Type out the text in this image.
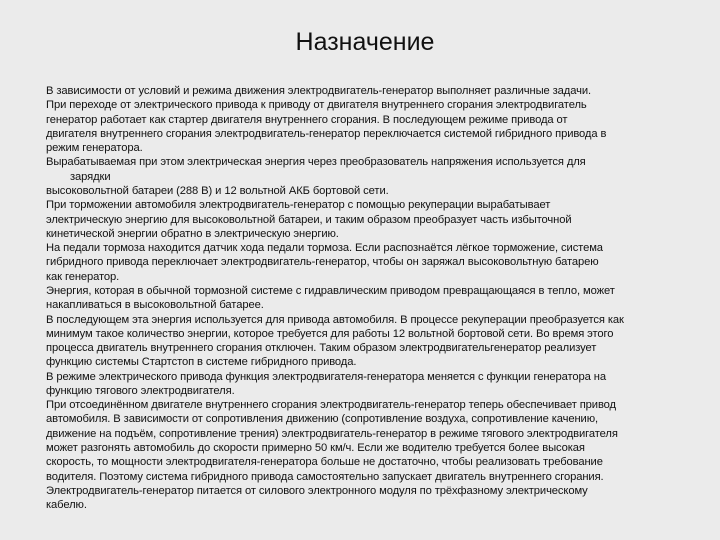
Назначение
В зависимости от условий и режима движения электродвигатель-генератор выполняет различные задачи.
При переходе от электрического привода к приводу от двигателя внутреннего сгорания электродвигатель
генератор работает как стартер двигателя внутреннего сгорания. В последующем режиме привода от
двигателя внутреннего сгорания электродвигатель-генератор переключается системой гибридного привода в
режим генератора.
Вырабатываемая при этом электрическая энергия через преобразователь напряжения используется для
зарядки
высоковольтной батареи (288 В) и 12 вольтной АКБ бортовой сети.
При торможении автомобиля электродвигатель-генератор с помощью рекуперации вырабатывает
электрическую энергию для высоковольтной батареи, и таким образом преобразует часть избыточной
кинетической энергии обратно в электрическую энергию.
На педали тормоза находится датчик хода педали тормоза. Если распознаётся лёгкое торможение, система
гибридного привода переключает электродвигатель-генератор, чтобы он заряжал высоковольтную батарею
как генератор.
Энергия, которая в обычной тормозной системе с гидравлическим приводом превращающаяся в тепло, может
накапливаться в высоковольтной батарее.
В последующем эта энергия используется для привода автомобиля. В процессе рекуперации преобразуется как
минимум такое количество энергии, которое требуется для работы 12 вольтной бортовой сети. Во время этого
процесса двигатель внутреннего сгорания отключен. Таким образом электродвигательгенератор реализует
функцию системы Стартстоп в системе гибридного привода.
В режиме электрического привода функция электродвигателя-генератора меняется с функции генератора на
функцию тягового электродвигателя.
При отсоединённом двигателе внутреннего сгорания электродвигатель-генератор теперь обеспечивает привод
автомобиля. В зависимости от сопротивления движению (сопротивление воздуха, сопротивление качению,
движение на подъём, сопротивление трения) электродвигатель-генератор в режиме тягового электродвигателя
может разгонять автомобиль до скорости примерно 50 км/ч. Если же водителю требуется более высокая
скорость, то мощности электродвигателя-генератора больше не достаточно, чтобы реализовать требование
водителя. Поэтому система гибридного привода самостоятельно запускает двигатель внутреннего сгорания.
Электродвигатель-генератор питается от силового электронного модуля по трёхфазному электрическому
кабелю.
